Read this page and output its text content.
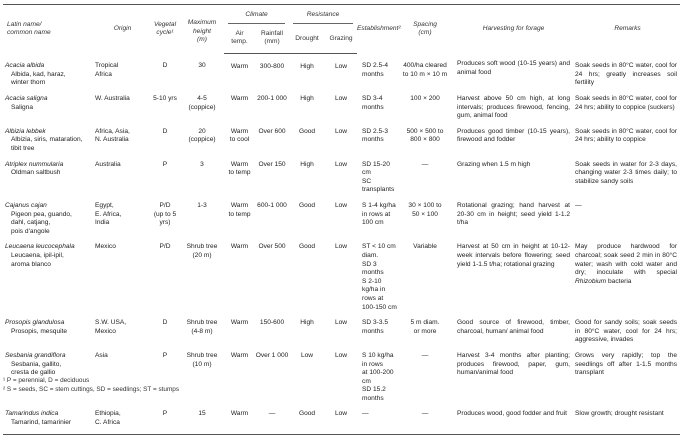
Latin name/
common name	Origin	Vegetal
cycle¹	Maximum
height
(m)	Climate		Resistance		Establishment²	Spacing
(cm)	Harvesting for forage	Remarks
				Air
temp.	Rainfall
(mm)	Drought	Grazing				

Acacia albida
Albida, kad, haraz,
winter thorn	Tropical
Africa	D	30	Warm	300-800	High	Low	SD 2.5-4 months	400/ha cleared
to 10 m × 10 m	Produces soft wood (10-15 years) and animal food	Soak seeds in 80°C water, cool for 24 hrs; greatly increases soil fertility

Acacia saligna
Saligna	W. Australia	5-10 yrs	4-5
(coppice)	Warm	200-1 000	High	Low	SD 3-4 months	100 × 200	Harvest above 50 cm high, at long intervals; produces firewood, fencing, gum, animal food	Soak seeds in 80°C water, cool for 24 hrs; ability to coppice (suckers)

Albizia lebbek
Albizia, siris, mataration,
tibit tree	Africa, Asia,
N. Australia	D	20
(coppice)	Warm
to cool	Over 600	Good	Low	SD 2.5-3 months	500 × 500 to
800 × 800	Produces good timber (10-15 years), firewood and fodder	Soak seeds in 80°C water, cool for 24 hrs; ability to coppice

Atriplex nummularia
Oldman saltbush	Australia	P	3	Warm
to temp	Over 150	High	Low	SD 15-20 cm
SC transplants	—	Grazing when 1.5 m high	Soak seeds in water for 2-3 days, changing water 2-3 times daily; to stabilize sandy soils

Cajanus cajan
Pigeon pea, guando,
dahl, catjang,
pois d'angole	Egypt,
E. Africa,
India	P/D
(up to 5 yrs)	1-3	Warm
to temp	600-1 000	Good	Low	S 1-4 kg/ha in rows at 100 cm	30 × 100 to
50 × 100	Rotational grazing; hand harvest at 20-30 cm in height; seed yield 1-1.2 t/ha	—

Leucaena leucocephala
Leucaena, ipil-ipil,
aroma blanco	Mexico	P/D	Shrub tree
(20 m)	Warm	Over 500	Good	Low	ST < 10 cm diam.
SD 3 months
S 2-10 kg/ha in rows at 100-150 cm	Variable	Harvest at 50 cm in height at 10-12-week intervals before flowering; seed yield 1-1.5 t/ha; rotational grazing	May produce hardwood for charcoal; soak seed 2 min in 80°C water; wash with cold water and dry; inoculate with special Rhizobium bacteria

Prosopis glandulosa
Prosopis, mesquite	S.W. USA,
Mexico	D	Shrub tree
(4-8 m)	Warm	150-600	High	Low	SD 3-3.5 months	5 m diam.
or more	Good source of firewood, timber, charcoal, human/ animal food	Good for sandy soils; soak seeds in 80°C water, cool for 24 hrs; aggressive, invades

Sesbania grandiflora
Sesbania, gallito,
cresta de gallio	Asia	P	Shrub tree
(10 m)	Warm	Over 1 000	Low	Low	S 10 kg/ha in rows
at 100-200 cm
SD 15.2 months	—	Harvest 3-4 months after planting; produces firewood, paper, gum, human/animal food	Grows very rapidly; top the seedlings off after 1-1.5 months transplant

Tamarindus indica
Tamarind, tamarinier	Ethiopia,
C. Africa	P	15	Warm	—	Good	Low	—	—	Produces wood, good fodder and fruit	Slow growth; drought resistant
¹ P = perennial, D = deciduous
² S = seeds, SC = stem cuttings, SD = seedlings; ST = stumps
